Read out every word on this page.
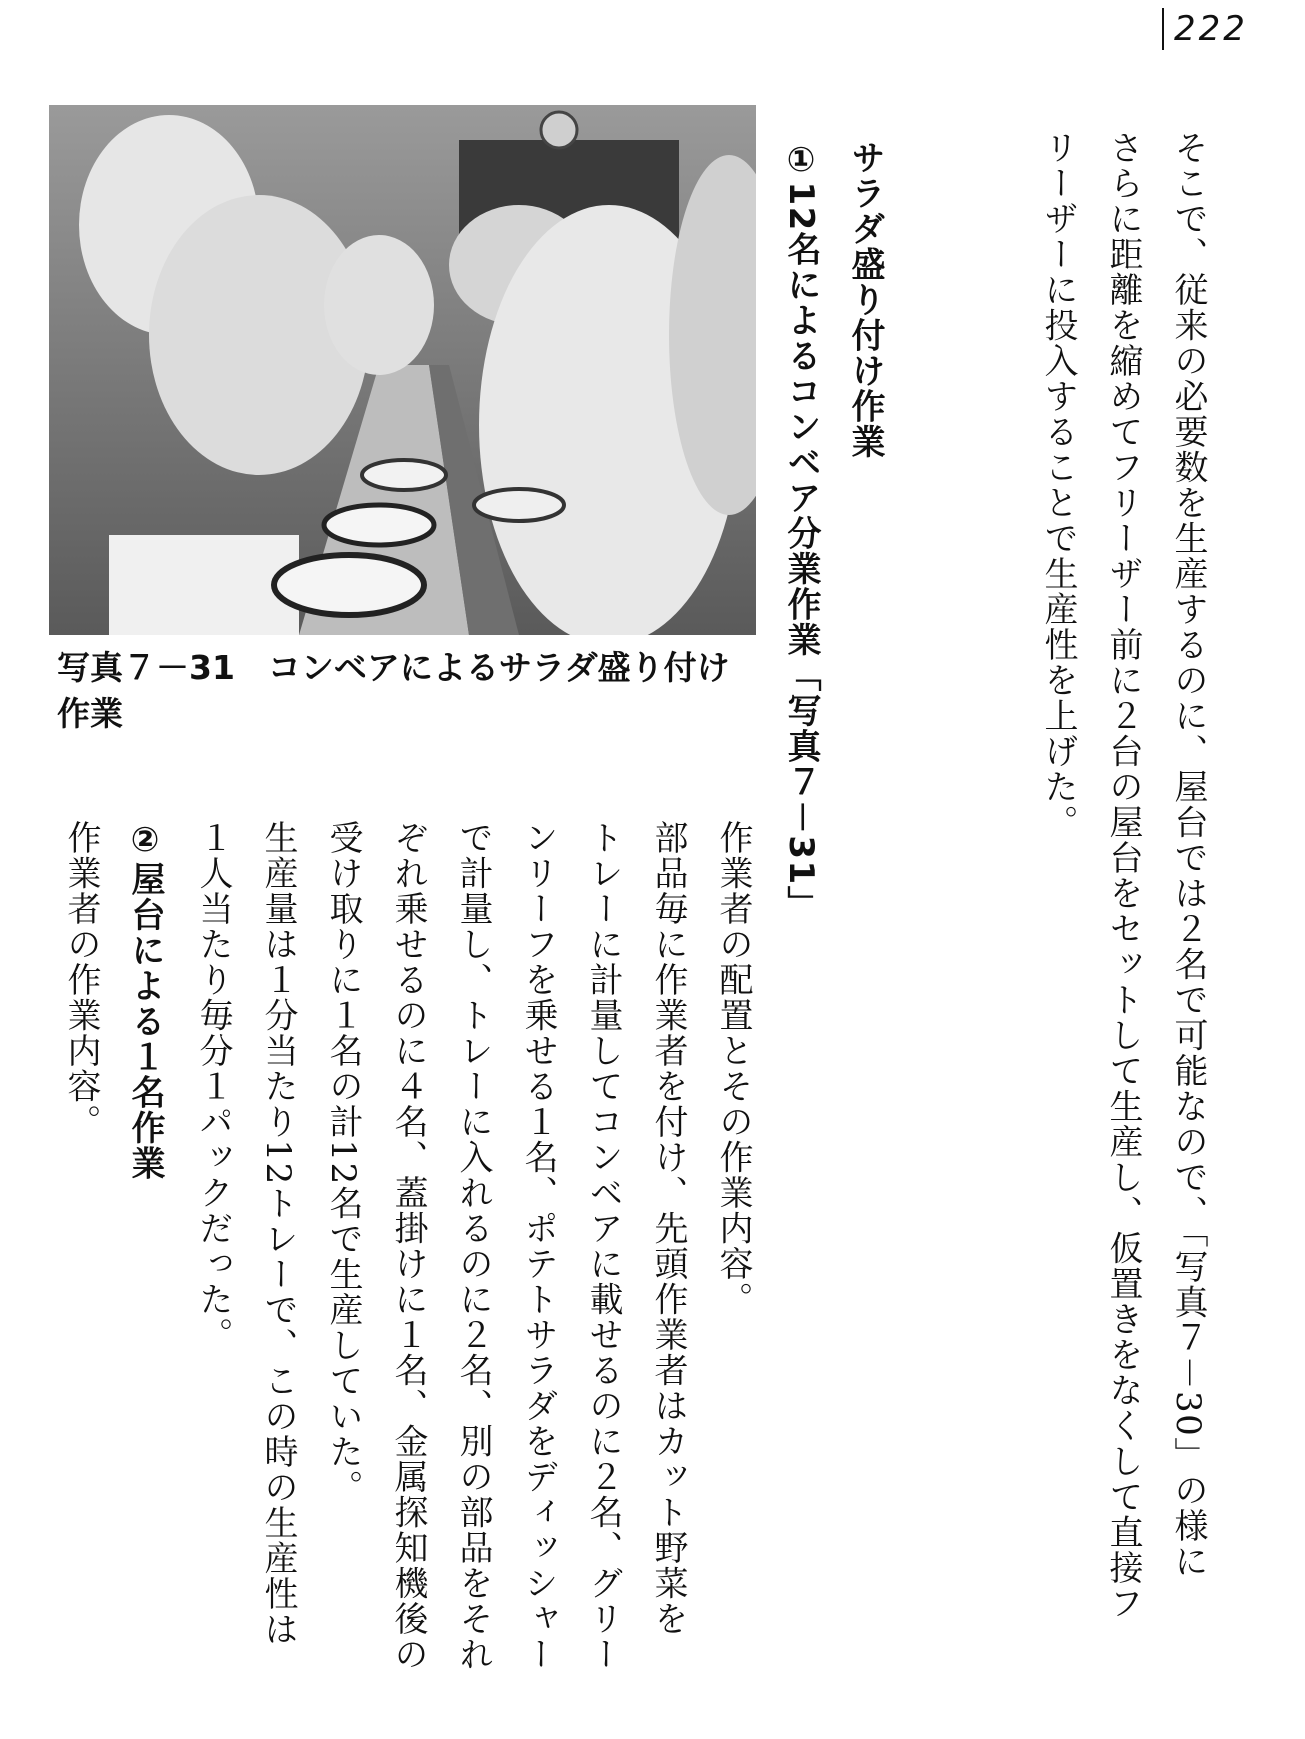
222
そこで、従来の必要数を生産するのに、屋台では２名で可能なので、「写真７－30」の様に
さらに距離を縮めてフリーザー前に２台の屋台をセットして生産し、仮置きをなくして直接フ
リーザーに投入することで生産性を上げた。
サラダ盛り付け作業
①12名によるコンベア分業作業「写真７－31」
写真７－31　コンベアによるサラダ盛り付け作業
作業者の配置とその作業内容。
部品毎に作業者を付け、先頭作業者はカット野菜を
トレーに計量してコンベアに載せるのに２名、グリー
ンリーフを乗せる１名、ポテトサラダをディッシャー
で計量し、トレーに入れるのに２名、別の部品をそれ
ぞれ乗せるのに４名、蓋掛けに１名、金属探知機後の
受け取りに１名の計12名で生産していた。
生産量は１分当たり12トレーで、この時の生産性は
１人当たり毎分１パックだった。
②屋台による１名作業
作業者の作業内容。
